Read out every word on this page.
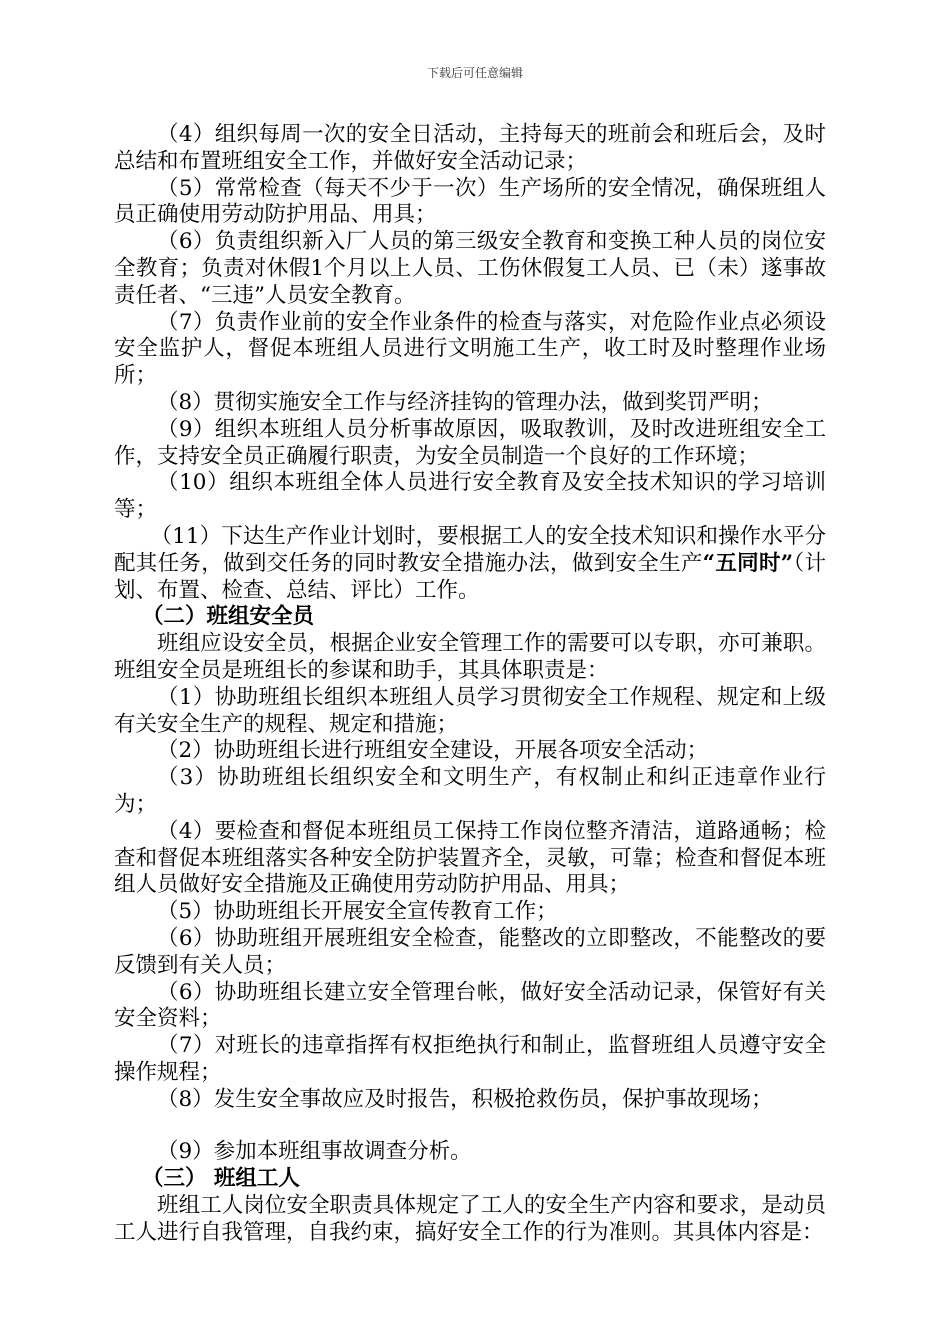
下载后可任意编辑

（4）组织每周一次的安全日活动，主持每天的班前会和班后会，及时总结和布置班组安全工作，并做好安全活动记录；

（5）常常检查（每天不少于一次）生产场所的安全情况，确保班组人员正确使用劳动防护用品、用具；

（6）负责组织新入厂人员的第三级安全教育和变换工种人员的岗位安全教育；负责对休假1个月以上人员、工伤休假复工人员、已（未）遂事故责任者、“三违”人员安全教育。

（7）负责作业前的安全作业条件的检查与落实，对危险作业点必须设安全监护人，督促本班组人员进行文明施工生产，收工时及时整理作业场所；

（8）贯彻实施安全工作与经济挂钩的管理办法，做到奖罚严明；

（9）组织本班组人员分析事故原因，吸取教训，及时改进班组安全工作，支持安全员正确履行职责，为安全员制造一个良好的工作环境；

（10）组织本班组全体人员进行安全教育及安全技术知识的学习培训等；

（11）下达生产作业计划时，要根据工人的安全技术知识和操作水平分配其任务，做到交任务的同时教安全措施办法，做到安全生产“五同时”（计划、布置、检查、总结、评比）工作。

（二）班组安全员

班组应设安全员，根据企业安全管理工作的需要可以专职，亦可兼职。班组安全员是班组长的参谋和助手，其具体职责是：

（1）协助班组长组织本班组人员学习贯彻安全工作规程、规定和上级有关安全生产的规程、规定和措施；

（2）协助班组长进行班组安全建设，开展各项安全活动；

（3）协助班组长组织安全和文明生产，有权制止和纠正违章作业行为；

（4）要检查和督促本班组员工保持工作岗位整齐清洁，道路通畅；检查和督促本班组落实各种安全防护装置齐全，灵敏，可靠；检查和督促本班组人员做好安全措施及正确使用劳动防护用品、用具；

（5）协助班组长开展安全宣传教育工作；

（6）协助班组开展班组安全检查，能整改的立即整改，不能整改的要反馈到有关人员；

（6）协助班组长建立安全管理台帐，做好安全活动记录，保管好有关安全资料；

（7）对班长的违章指挥有权拒绝执行和制止，监督班组人员遵守安全操作规程；

（8）发生安全事故应及时报告，积极抢救伤员，保护事故现场；

（9）参加本班组事故调查分析。

（三） 班组工人

班组工人岗位安全职责具体规定了工人的安全生产内容和要求，是动员工人进行自我管理，自我约束，搞好安全工作的行为准则。其具体内容是：
